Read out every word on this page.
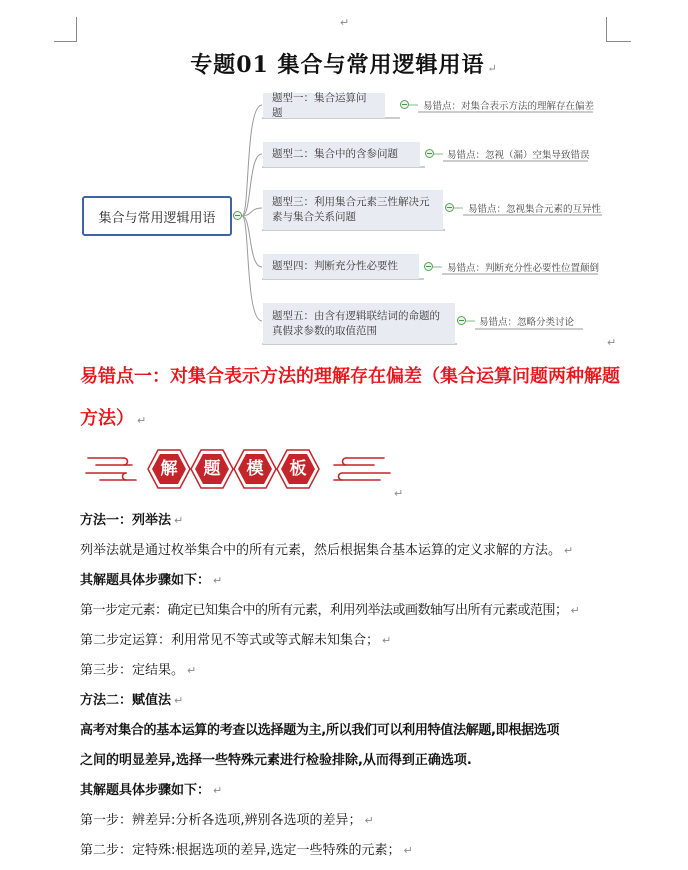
↵
专题01 集合与常用逻辑用语 ↵
集合与常用逻辑用语
题型一：集合运算问题	易错点：对集合表示方法的理解存在偏差
题型二：集合中的含参问题	易错点：忽视（漏）空集导致错误
题型三：利用集合元素三性解决元素与集合关系问题
易错点：忽视集合元素的互异性
题型四：判断充分性必要性	易错点：判断充分性必要性位置颠倒
题型五：由含有逻辑联结词的命题的真假求参数的取值范围
易错点：忽略分类讨论
↵
易错点一：对集合表示方法的理解存在偏差（集合运算问题两种解题方法） ↵
解	题	模	板
↵
方法一：列举法 ↵
列举法就是通过枚举集合中的所有元素，然后根据集合基本运算的定义求解的方法。 ↵
其解题具体步骤如下： ↵
第一步定元素：确定已知集合中的所有元素，利用列举法或画数轴写出所有元素或范围； ↵
第二步定运算：利用常见不等式或等式解未知集合； ↵
第三步：定结果。 ↵
方法二：赋值法 ↵
高考对集合的基本运算的考查以选择题为主,所以我们可以利用特值法解题,即根据选项
之间的明显差异,选择一些特殊元素进行检验排除,从而得到正确选项.
其解题具体步骤如下： ↵
第一步：辨差异:分析各选项,辨别各选项的差异； ↵
第二步：定特殊:根据选项的差异,选定一些特殊的元素； ↵
